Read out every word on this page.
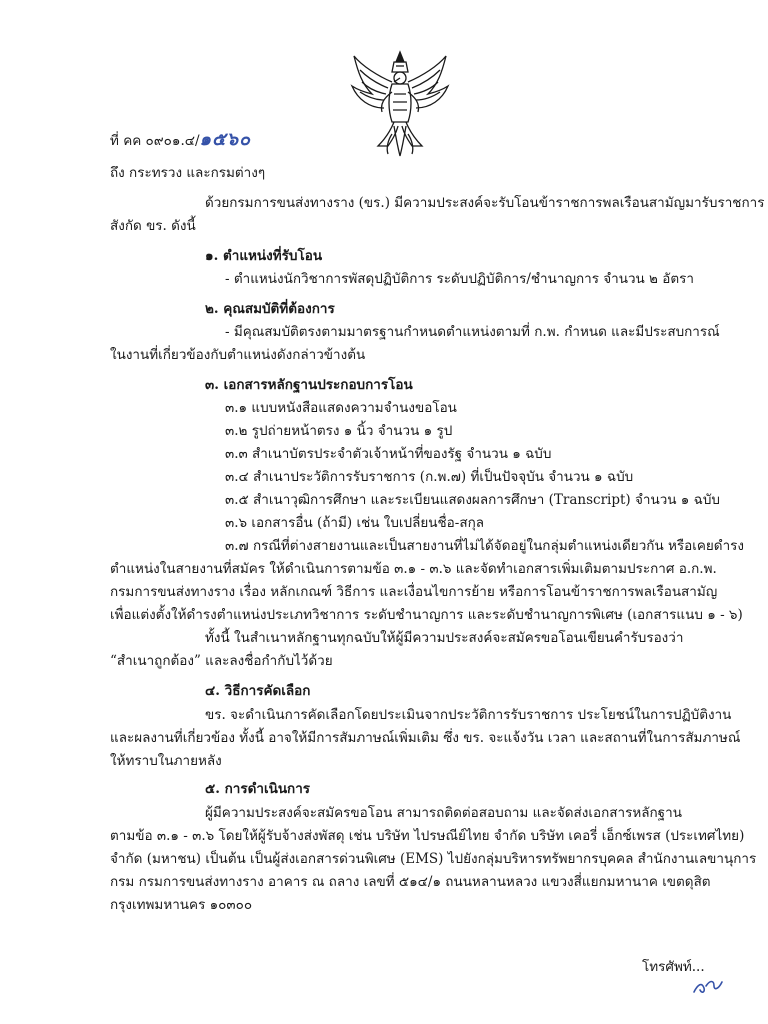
ที่ คค ๐๙๐๑.๔/๑๕๖๐
ถึง กระทรวง และกรมต่างๆ
ด้วยกรมการขนส่งทางราง (ขร.) มีความประสงค์จะรับโอนข้าราชการพลเรือนสามัญมารับราชการ
สังกัด ขร. ดังนี้
๑. ตำแหน่งที่รับโอน
- ตำแหน่งนักวิชาการพัสดุปฏิบัติการ ระดับปฏิบัติการ/ชำนาญการ จำนวน ๒ อัตรา
๒. คุณสมบัติที่ต้องการ
- มีคุณสมบัติตรงตามมาตรฐานกำหนดตำแหน่งตามที่ ก.พ. กำหนด และมีประสบการณ์
ในงานที่เกี่ยวข้องกับตำแหน่งดังกล่าวข้างต้น
๓. เอกสารหลักฐานประกอบการโอน
๓.๑ แบบหนังสือแสดงความจำนงขอโอน
๓.๒ รูปถ่ายหน้าตรง ๑ นิ้ว จำนวน ๑ รูป
๓.๓ สำเนาบัตรประจำตัวเจ้าหน้าที่ของรัฐ จำนวน ๑ ฉบับ
๓.๔ สำเนาประวัติการรับราชการ (ก.พ.๗) ที่เป็นปัจจุบัน จำนวน ๑ ฉบับ
๓.๕ สำเนาวุฒิการศึกษา และระเบียนแสดงผลการศึกษา (Transcript) จำนวน ๑ ฉบับ
๓.๖ เอกสารอื่น (ถ้ามี) เช่น ใบเปลี่ยนชื่อ-สกุล
๓.๗ กรณีที่ต่างสายงานและเป็นสายงานที่ไม่ได้จัดอยู่ในกลุ่มตำแหน่งเดียวกัน หรือเคยดำรง
ตำแหน่งในสายงานที่สมัคร ให้ดำเนินการตามข้อ ๓.๑ - ๓.๖ และจัดทำเอกสารเพิ่มเติมตามประกาศ อ.ก.พ.
กรมการขนส่งทางราง เรื่อง หลักเกณฑ์ วิธีการ และเงื่อนไขการย้าย หรือการโอนข้าราชการพลเรือนสามัญ
เพื่อแต่งตั้งให้ดำรงตำแหน่งประเภทวิชาการ ระดับชำนาญการ และระดับชำนาญการพิเศษ (เอกสารแนบ ๑ - ๖)
ทั้งนี้ ในสำเนาหลักฐานทุกฉบับให้ผู้มีความประสงค์จะสมัครขอโอนเขียนคำรับรองว่า
“สำเนาถูกต้อง” และลงชื่อกำกับไว้ด้วย
๔. วิธีการคัดเลือก
ขร. จะดำเนินการคัดเลือกโดยประเมินจากประวัติการรับราชการ ประโยชน์ในการปฏิบัติงาน
และผลงานที่เกี่ยวข้อง ทั้งนี้ อาจให้มีการสัมภาษณ์เพิ่มเติม ซึ่ง ขร. จะแจ้งวัน เวลา และสถานที่ในการสัมภาษณ์
ให้ทราบในภายหลัง
๕. การดำเนินการ
ผู้มีความประสงค์จะสมัครขอโอน สามารถติดต่อสอบถาม และจัดส่งเอกสารหลักฐาน
ตามข้อ ๓.๑ - ๓.๖ โดยให้ผู้รับจ้างส่งพัสดุ เช่น บริษัท ไปรษณีย์ไทย จำกัด บริษัท เคอรี่ เอ็กซ์เพรส (ประเทศไทย)
จำกัด (มหาชน) เป็นต้น เป็นผู้ส่งเอกสารด่วนพิเศษ (EMS) ไปยังกลุ่มบริหารทรัพยากรบุคคล สำนักงานเลขานุการ
กรม กรมการขนส่งทางราง อาคาร ณ ถลาง เลขที่ ๕๑๔/๑ ถนนหลานหลวง แขวงสี่แยกมหานาค เขตดุสิต
กรุงเทพมหานคร ๑๐๓๐๐
โทรศัพท์...
